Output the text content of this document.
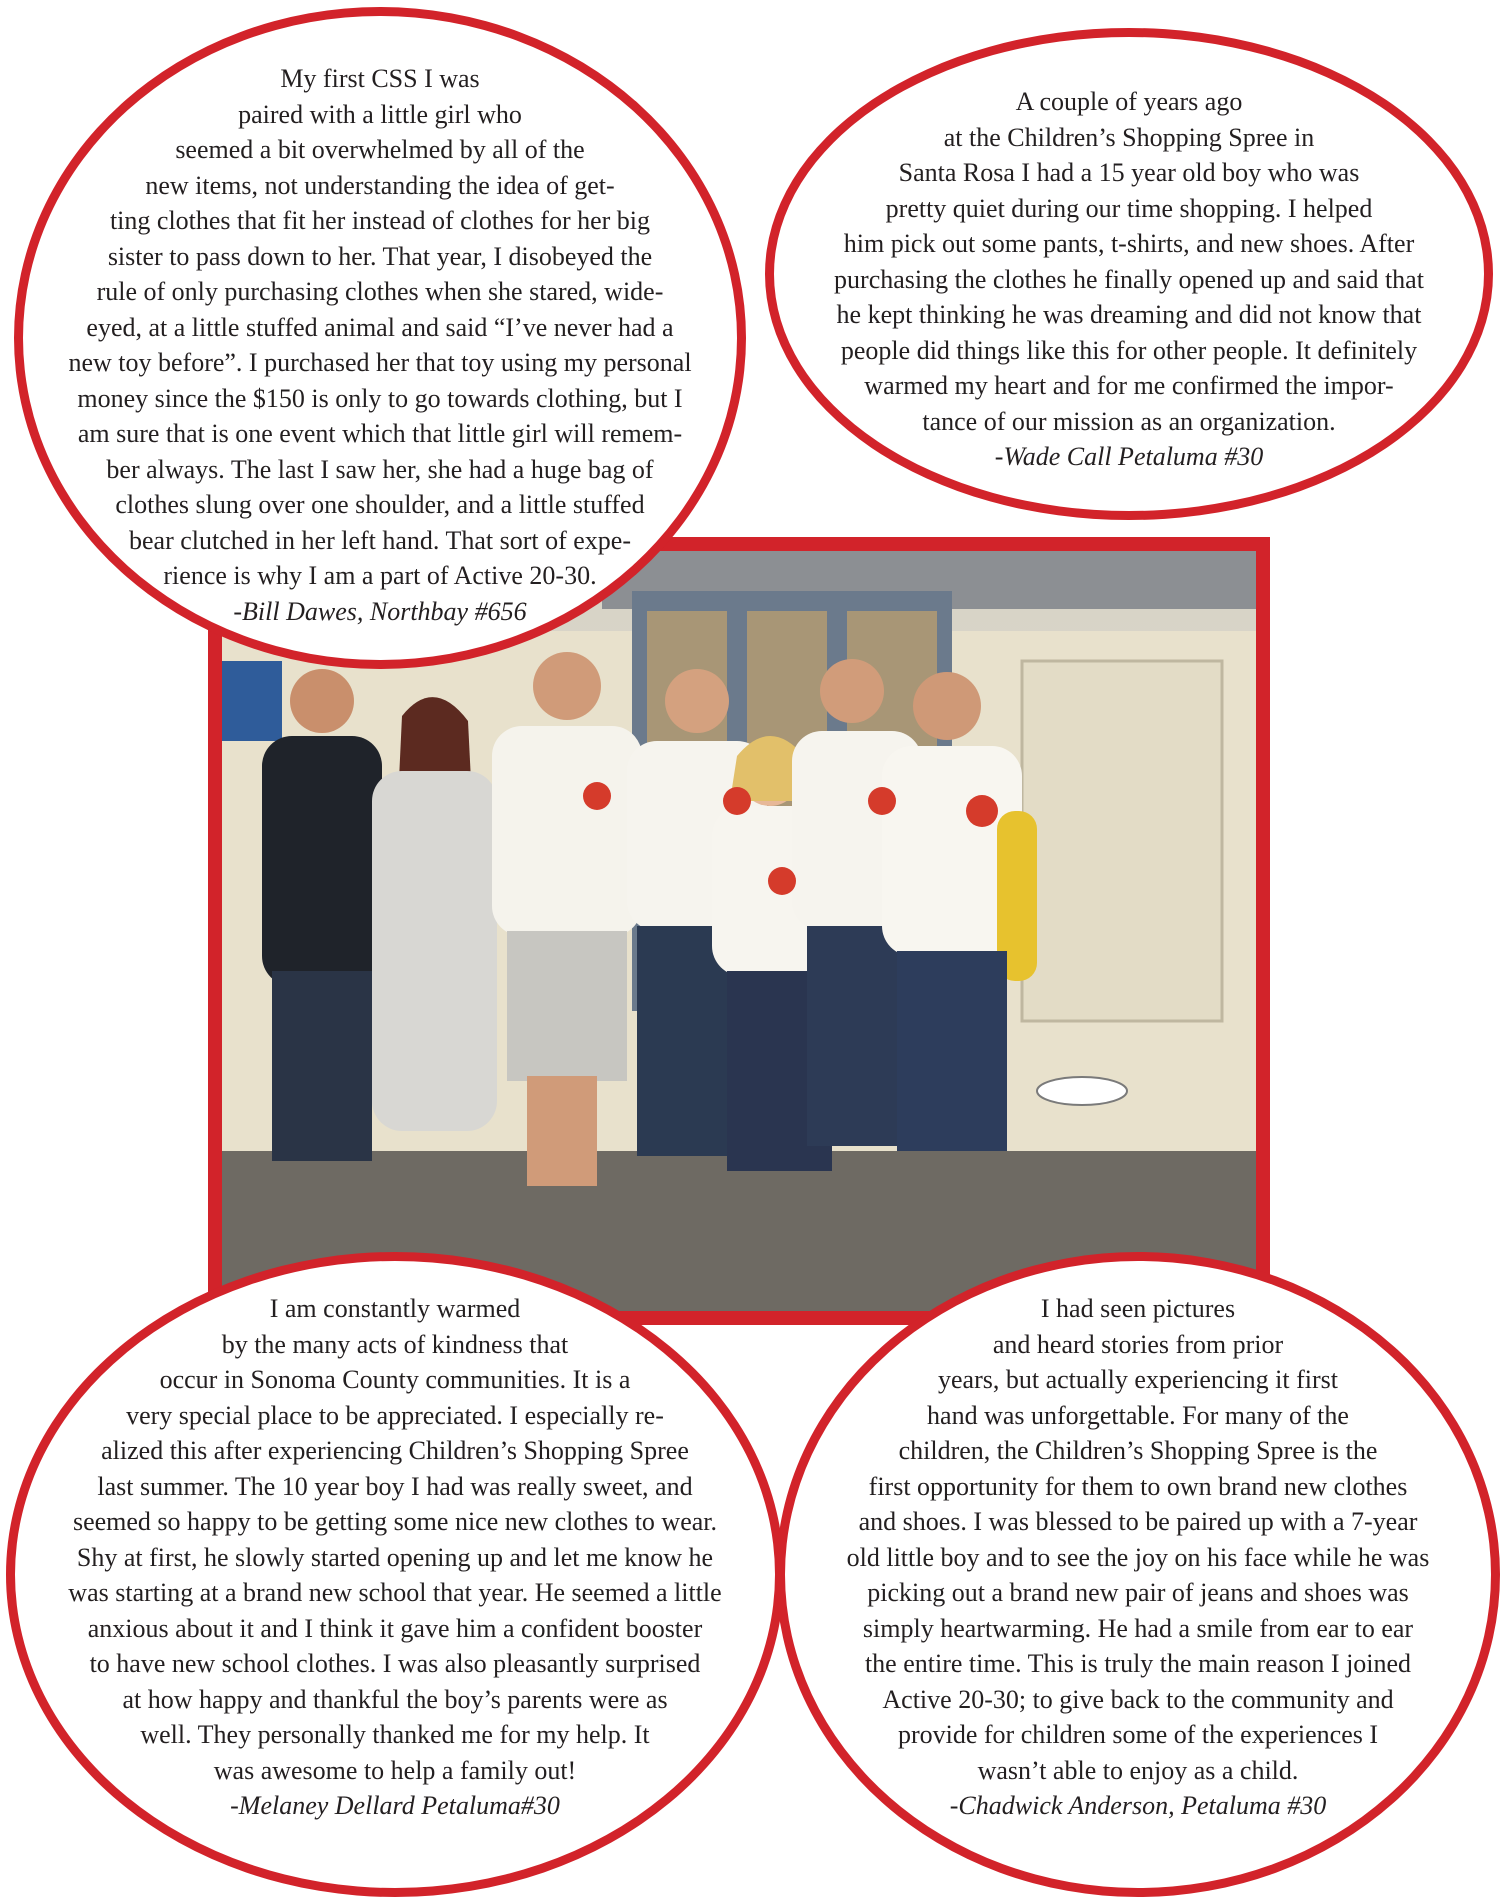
My first CSS I was
paired with a little girl who
seemed a bit overwhelmed by all of the
new items, not understanding the idea of get-
ting clothes that fit her instead of clothes for her big
sister to pass down to her. That year, I disobeyed the
rule of only purchasing clothes when she stared, wide-
eyed, at a little stuffed animal and said “I’ve never had a
new toy before”. I purchased her that toy using my personal
money since the $150 is only to go towards clothing, but I
am sure that is one event which that little girl will remem-
ber always. The last I saw her, she had a huge bag of
clothes slung over one shoulder, and a little stuffed
bear clutched in her left hand. That sort of expe-
rience is why I am a part of Active 20-30.
-Bill Dawes, Northbay #656

A couple of years ago
at the Children’s Shopping Spree in
Santa Rosa I had a 15 year old boy who was
pretty quiet during our time shopping. I helped
him pick out some pants, t-shirts, and new shoes. After
purchasing the clothes he finally opened up and said that
he kept thinking he was dreaming and did not know that
people did things like this for other people. It definitely
warmed my heart and for me confirmed the impor-
tance of our mission as an organization.
-Wade Call Petaluma #30

I am constantly warmed
by the many acts of kindness that
occur in Sonoma County communities. It is a
very special place to be appreciated. I especially re-
alized this after experiencing Children’s Shopping Spree
last summer. The 10 year boy I had was really sweet, and
seemed so happy to be getting some nice new clothes to wear.
Shy at first, he slowly started opening up and let me know he
was starting at a brand new school that year. He seemed a little
anxious about it and I think it gave him a confident booster
to have new school clothes. I was also pleasantly surprised
at how happy and thankful the boy’s parents were as
well. They personally thanked me for my help. It
was awesome to help a family out!
-Melaney Dellard Petaluma#30

I had seen pictures
and heard stories from prior
years, but actually experiencing it first
hand was unforgettable. For many of the
children, the Children’s Shopping Spree is the
first opportunity for them to own brand new clothes
and shoes. I was blessed to be paired up with a 7-year
old little boy and to see the joy on his face while he was
picking out a brand new pair of jeans and shoes was
simply heartwarming. He had a smile from ear to ear
the entire time. This is truly the main reason I joined
Active 20-30; to give back to the community and
provide for children some of the experiences I
wasn’t able to enjoy as a child.
-Chadwick Anderson, Petaluma #30
